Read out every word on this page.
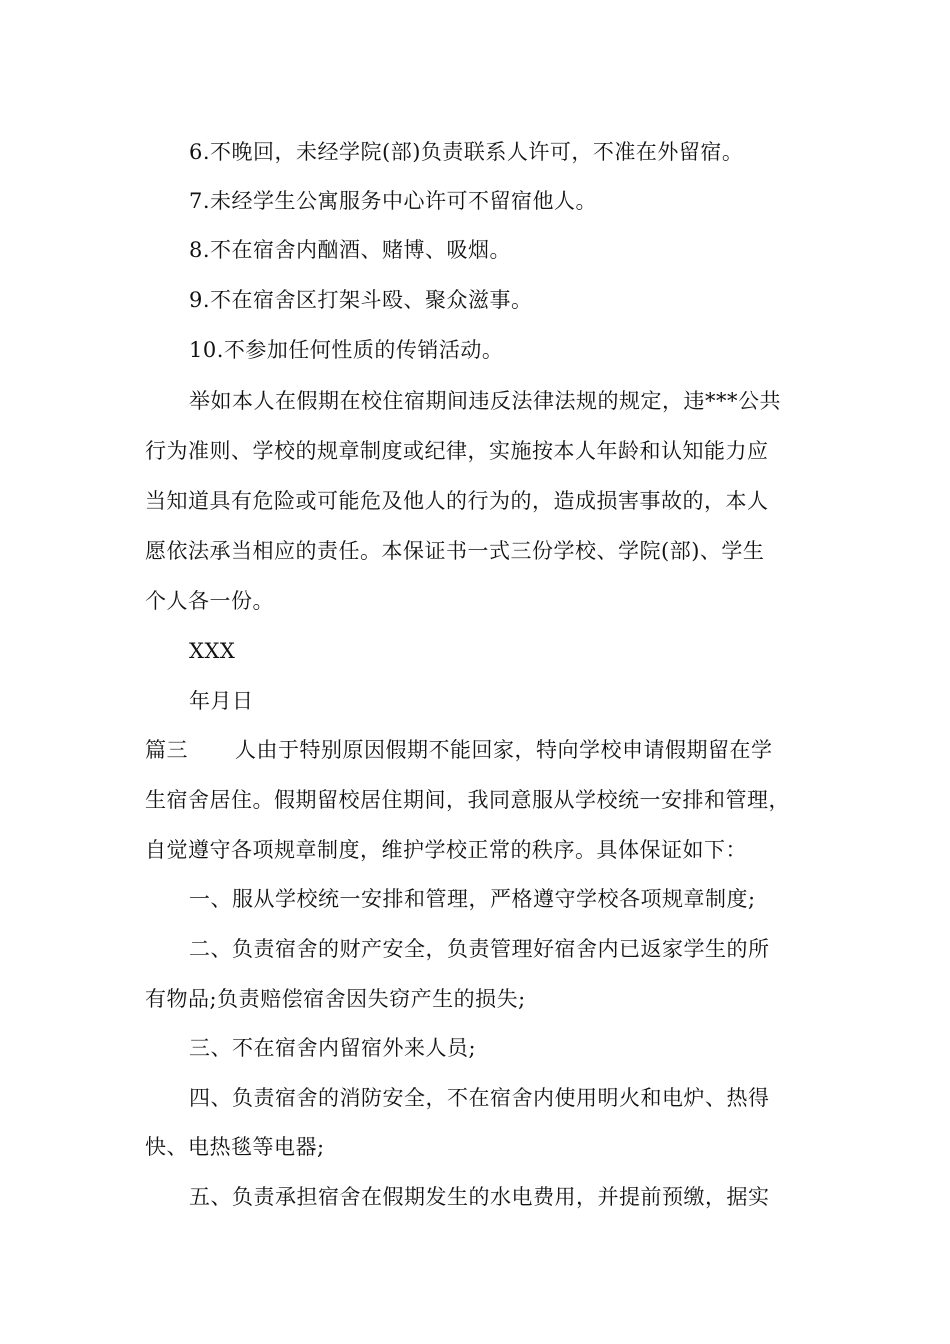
6.不晚回，未经学院(部)负责联系人许可，不准在外留宿。
7.未经学生公寓服务中心许可不留宿他人。
8.不在宿舍内酗酒、赌博、吸烟。
9.不在宿舍区打架斗殴、聚众滋事。
10.不参加任何性质的传销活动。
举如本人在假期在校住宿期间违反法律法规的规定，违***公共
行为准则、学校的规章制度或纪律，实施按本人年龄和认知能力应
当知道具有危险或可能危及他人的行为的，造成损害事故的，本人
愿依法承当相应的责任。本保证书一式三份学校、学院(部)、学生
个人各一份。
XXX
年月日
篇三 人由于特别原因假期不能回家，特向学校申请假期留在学
生宿舍居住。假期留校居住期间，我同意服从学校统一安排和管理，
自觉遵守各项规章制度，维护学校正常的秩序。具体保证如下：
一、服从学校统一安排和管理，严格遵守学校各项规章制度;
二、负责宿舍的财产安全，负责管理好宿舍内已返家学生的所
有物品;负责赔偿宿舍因失窃产生的损失;
三、不在宿舍内留宿外来人员;
四、负责宿舍的消防安全，不在宿舍内使用明火和电炉、热得
快、电热毯等电器;
五、负责承担宿舍在假期发生的水电费用，并提前预缴，据实
